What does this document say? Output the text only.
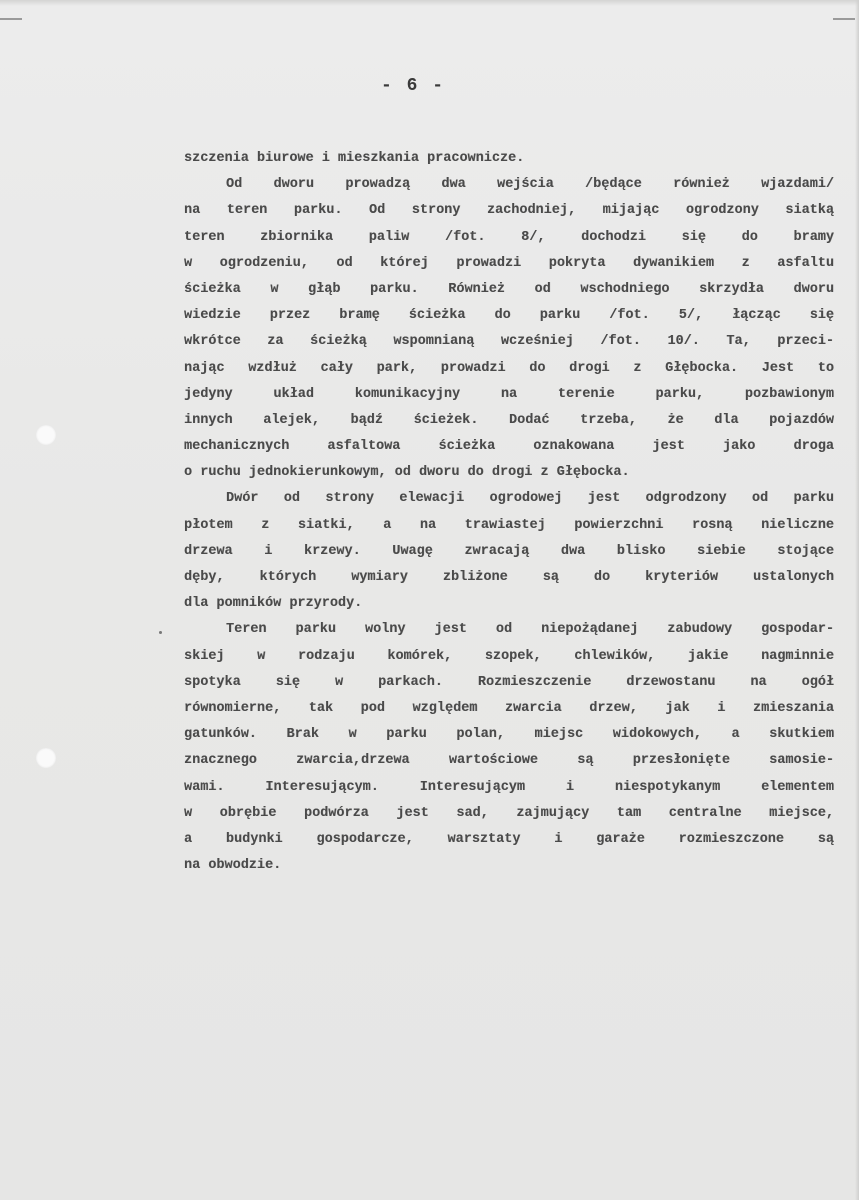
- 6 -
szczenia biurowe i mieszkania pracownicze.
Od dworu prowadzą dwa wejścia /będące również wjazdami/
na teren parku. Od strony zachodniej, mijając ogrodzony siatką
teren zbiornika paliw /fot. 8/, dochodzi się do bramy
w ogrodzeniu, od której prowadzi pokryta dywanikiem z asfaltu
ścieżka w głąb parku. Również od wschodniego skrzydła dworu
wiedzie przez bramę ścieżka do parku /fot. 5/, łącząc się
wkrótce za ścieżką wspomnianą wcześniej /fot. 10/. Ta, przeci-
nając wzdłuż cały park, prowadzi do drogi z Głębocka. Jest to
jedyny układ komunikacyjny na terenie parku, pozbawionym
innych alejek, bądź ścieżek. Dodać trzeba, że dla pojazdów
mechanicznych asfaltowa ścieżka oznakowana jest jako droga
o ruchu jednokierunkowym, od dworu do drogi z Głębocka.
Dwór od strony elewacji ogrodowej jest odgrodzony od parku
płotem z siatki, a na trawiastej powierzchni rosną nieliczne
drzewa i krzewy. Uwagę zwracają dwa blisko siebie stojące
dęby, których wymiary zbliżone są do kryteriów ustalonych
dla pomników przyrody.
Teren parku wolny jest od niepożądanej zabudowy gospodar-
skiej w rodzaju komórek, szopek, chlewików, jakie nagminnie
spotyka się w parkach. Rozmieszczenie drzewostanu na ogół
równomierne, tak pod względem zwarcia drzew, jak i zmieszania
gatunków. Brak w parku polan, miejsc widokowych, a skutkiem
znacznego zwarcia,drzewa wartościowe są przesłonięte samosie-
wami. Interesującym. Interesującym i niespotykanym elementem
w obrębie podwórza jest sad, zajmujący tam centralne miejsce,
a budynki gospodarcze, warsztaty i garaże rozmieszczone są
na obwodzie.
